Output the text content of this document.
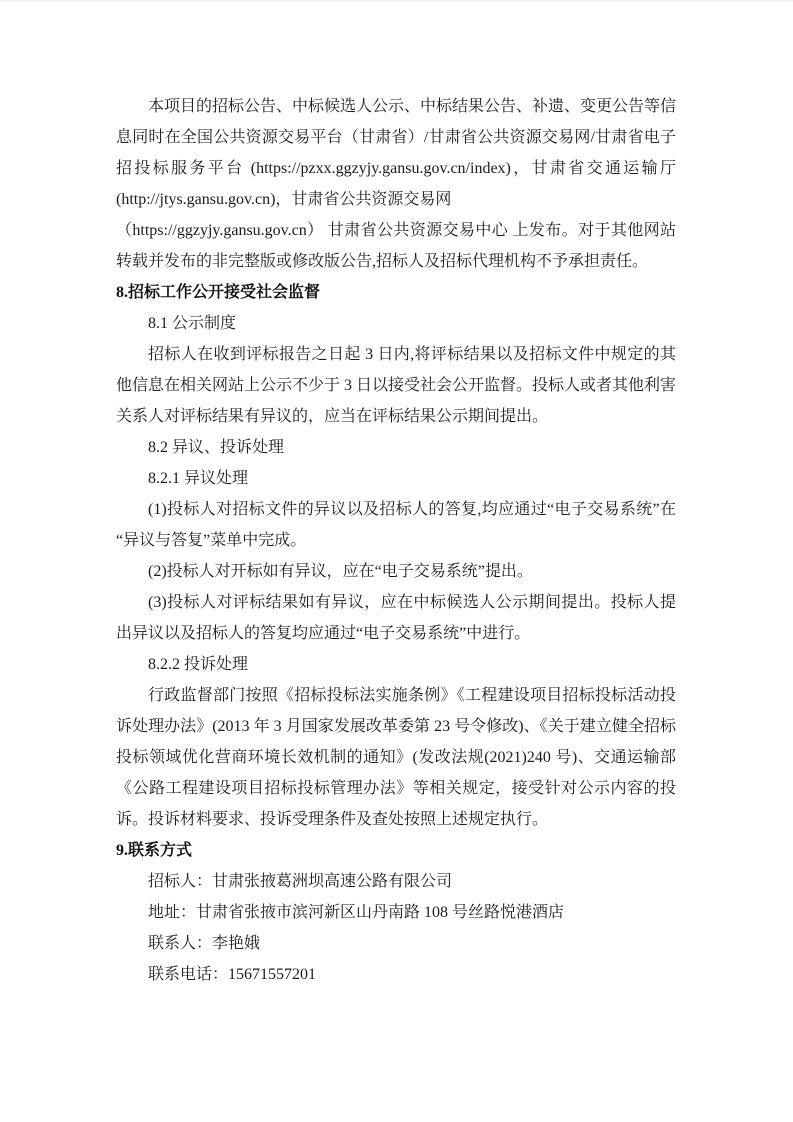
本项目的招标公告、中标候选人公示、中标结果公告、补遗、变更公告等信息同时在全国公共资源交易平台（甘肃省）/甘肃省公共资源交易网/甘肃省电子招投标服务平台 (https://pzxx.ggzyjy.gansu.gov.cn/index)，甘肃省交通运输厅(http://jtys.gansu.gov.cn)，甘肃省公共资源交易网

（https://ggzyjy.gansu.gov.cn） 甘肃省公共资源交易中心 上发布。对于其他网站转载并发布的非完整版或修改版公告,招标人及招标代理机构不予承担责任。

8.招标工作公开接受社会监督

8.1 公示制度

招标人在收到评标报告之日起 3 日内,将评标结果以及招标文件中规定的其他信息在相关网站上公示不少于 3 日以接受社会公开监督。投标人或者其他利害关系人对评标结果有异议的，应当在评标结果公示期间提出。

8.2 异议、投诉处理

8.2.1 异议处理

(1)投标人对招标文件的异议以及招标人的答复,均应通过“电子交易系统”在“异议与答复”菜单中完成。

(2)投标人对开标如有异议，应在“电子交易系统”提出。

(3)投标人对评标结果如有异议，应在中标候选人公示期间提出。投标人提出异议以及招标人的答复均应通过“电子交易系统”中进行。

8.2.2 投诉处理

行政监督部门按照《招标投标法实施条例》《工程建设项目招标投标活动投诉处理办法》(2013 年 3 月国家发展改革委第 23 号令修改)、《关于建立健全招标投标领域优化营商环境长效机制的通知》(发改法规(2021)240 号)、交通运输部《公路工程建设项目招标投标管理办法》等相关规定，接受针对公示内容的投诉。投诉材料要求、投诉受理条件及查处按照上述规定执行。

9.联系方式

招标人：甘肃张掖葛洲坝高速公路有限公司

地址：甘肃省张掖市滨河新区山丹南路 108 号丝路悦港酒店

联系人：李艳娥

联系电话：15671557201
